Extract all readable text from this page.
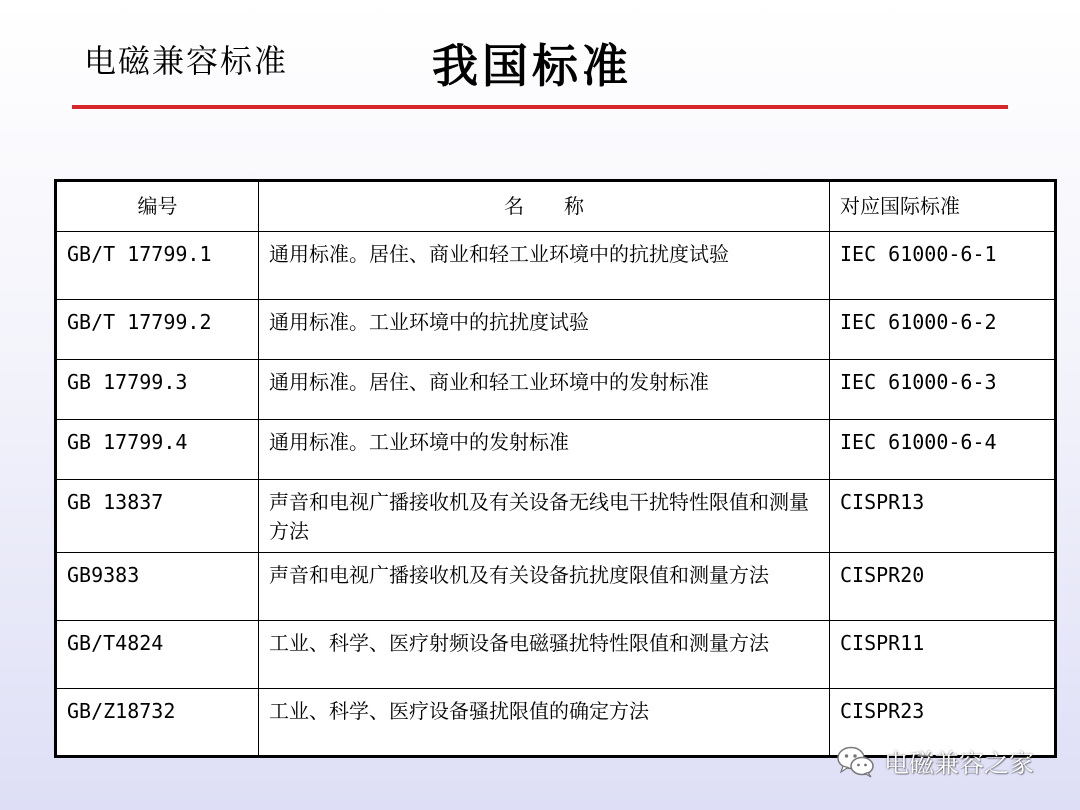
电磁兼容标准	我国标准
编号	名　　称	对应国际标准
GB/T 17799.1	通用标准。居住、商业和轻工业环境中的抗扰度试验	IEC 61000-6-1
GB/T 17799.2	通用标准。工业环境中的抗扰度试验	IEC 61000-6-2
GB 17799.3	通用标准。居住、商业和轻工业环境中的发射标准	IEC 61000-6-3
GB 17799.4	通用标准。工业环境中的发射标准	IEC 61000-6-4
GB 13837	声音和电视广播接收机及有关设备无线电干扰特性限值和测量方法	CISPR13
GB9383	声音和电视广播接收机及有关设备抗扰度限值和测量方法	CISPR20
GB/T4824	工业、科学、医疗射频设备电磁骚扰特性限值和测量方法	CISPR11
GB/Z18732	工业、科学、医疗设备骚扰限值的确定方法	CISPR23
电磁兼容之家
